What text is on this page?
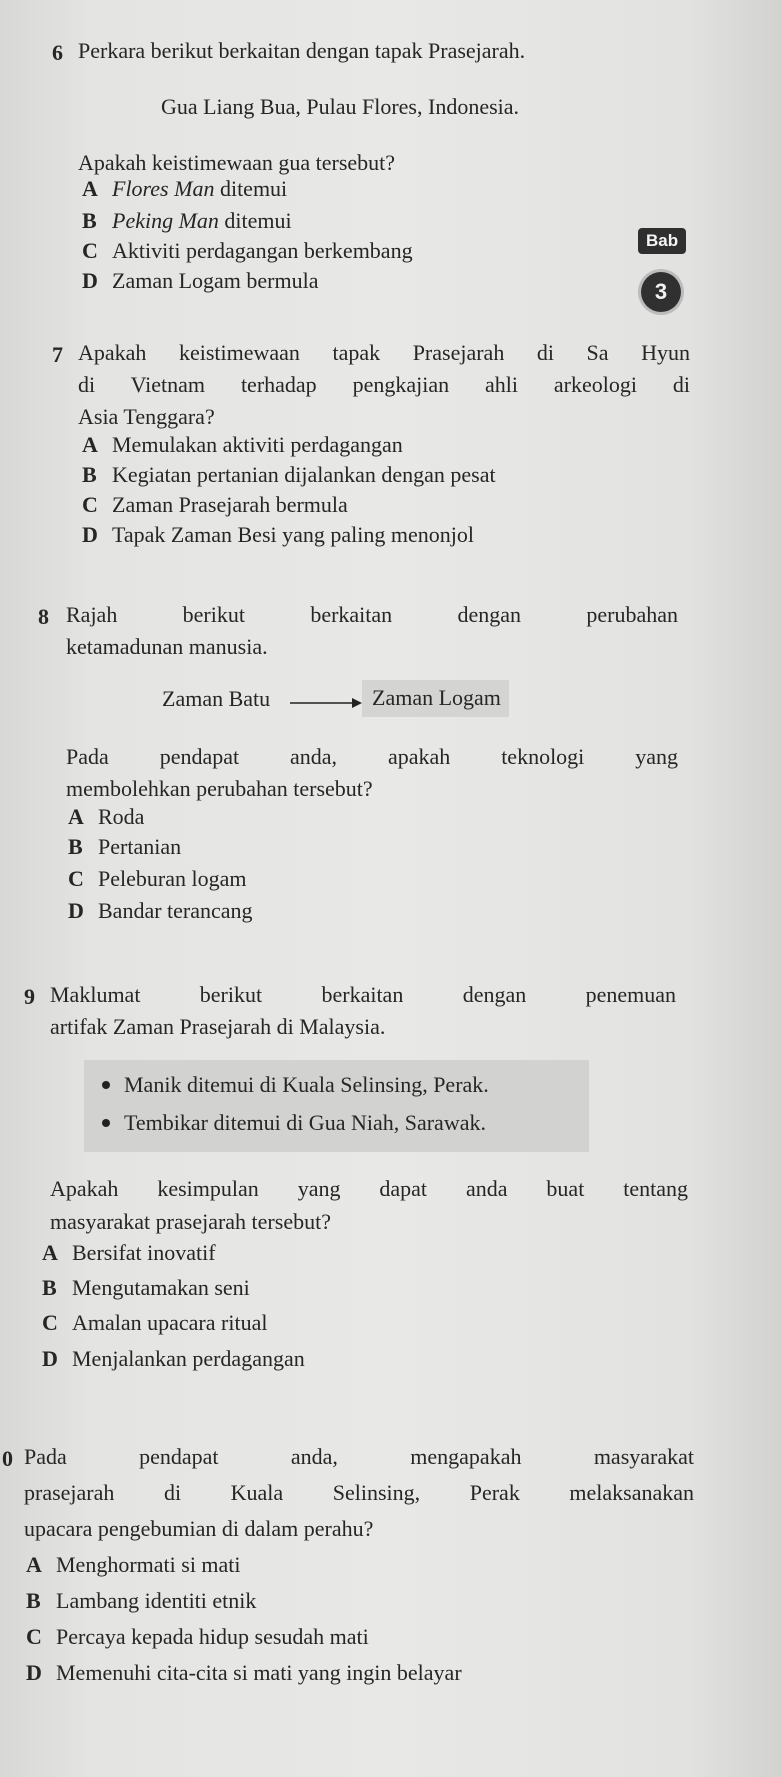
6 Perkara berikut berkaitan dengan tapak Prasejarah.
Gua Liang Bua, Pulau Flores, Indonesia.
Apakah keistimewaan gua tersebut?
A Flores Man ditemui
B Peking Man ditemui
C Aktiviti perdagangan berkembang
D Zaman Logam bermula
Bab
3
7 Apakah keistimewaan tapak Prasejarah di Sa Hyun
di Vietnam terhadap pengkajian ahli arkeologi di
Asia Tenggara?
A Memulakan aktiviti perdagangan
B Kegiatan pertanian dijalankan dengan pesat
C Zaman Prasejarah bermula
D Tapak Zaman Besi yang paling menonjol
8 Rajah berikut berkaitan dengan perubahan
ketamadunan manusia.
Zaman Batu	Zaman Logam
Pada pendapat anda, apakah teknologi yang
membolehkan perubahan tersebut?
A Roda
B Pertanian
C Peleburan logam
D Bandar terancang
9 Maklumat berikut berkaitan dengan penemuan
artifak Zaman Prasejarah di Malaysia.
Manik ditemui di Kuala Selinsing, Perak.
Tembikar ditemui di Gua Niah, Sarawak.
Apakah kesimpulan yang dapat anda buat tentang
masyarakat prasejarah tersebut?
A Bersifat inovatif
B Mengutamakan seni
C Amalan upacara ritual
D Menjalankan perdagangan
0 Pada pendapat anda, mengapakah masyarakat
prasejarah di Kuala Selinsing, Perak melaksanakan
upacara pengebumian di dalam perahu?
A Menghormati si mati
B Lambang identiti etnik
C Percaya kepada hidup sesudah mati
D Memenuhi cita-cita si mati yang ingin belayar
